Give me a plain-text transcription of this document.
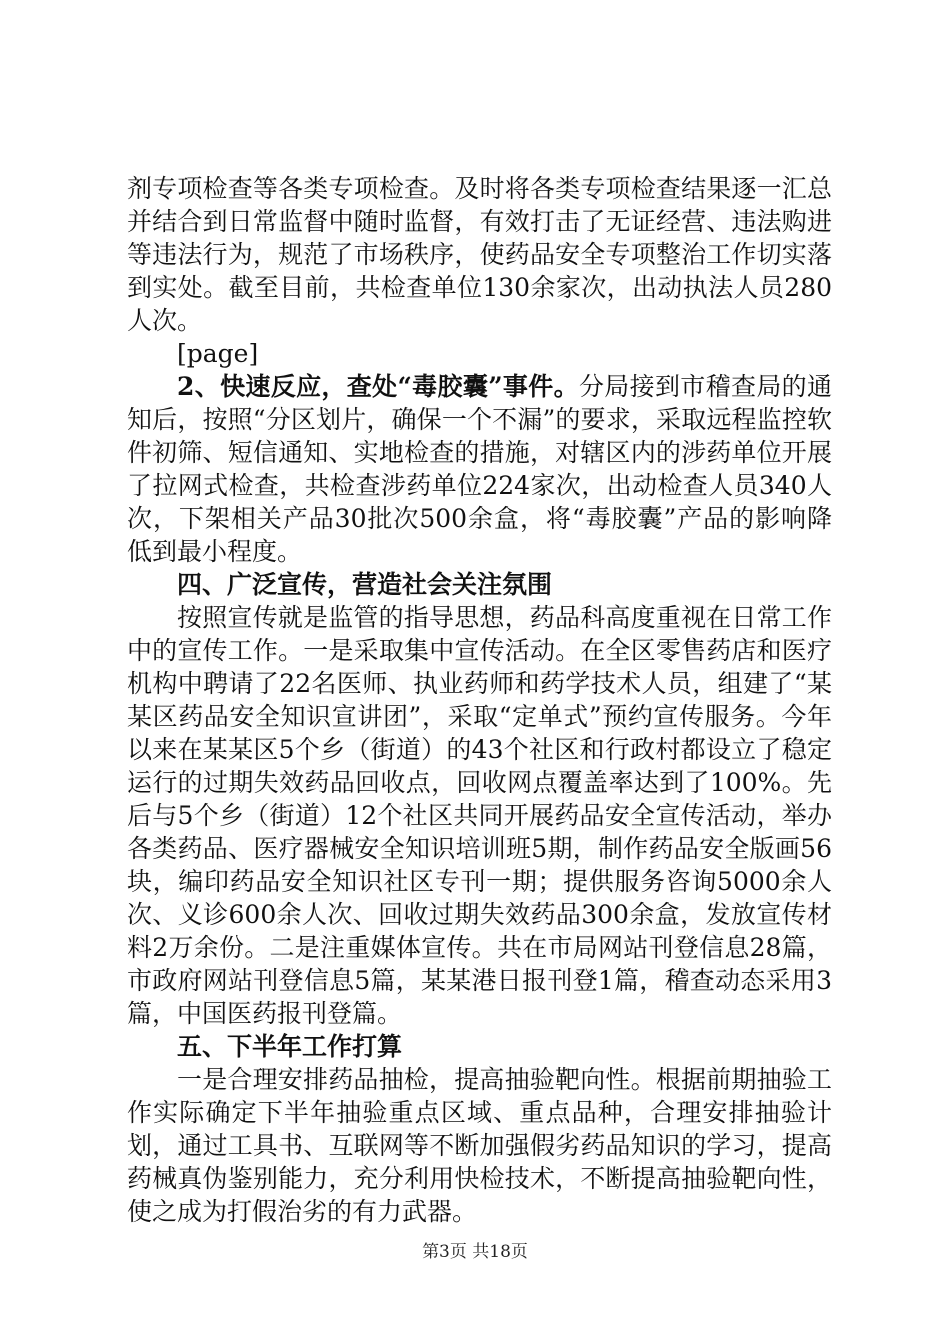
剂专项检查等各类专项检查。及时将各类专项检查结果逐一汇总并结合到日常监督中随时监督，有效打击了无证经营、违法购进等违法行为，规范了市场秩序，使药品安全专项整治工作切实落到实处。截至目前，共检查单位130余家次，出动执法人员280人次。

[page]

2、快速反应，查处“毒胶囊”事件。分局接到市稽查局的通知后，按照“分区划片，确保一个不漏”的要求，采取远程监控软件初筛、短信通知、实地检查的措施，对辖区内的涉药单位开展了拉网式检查，共检查涉药单位224家次，出动检查人员340人次，下架相关产品30批次500余盒，将“毒胶囊”产品的影响降低到最小程度。

四、广泛宣传，营造社会关注氛围

按照宣传就是监管的指导思想，药品科高度重视在日常工作中的宣传工作。一是采取集中宣传活动。在全区零售药店和医疗机构中聘请了22名医师、执业药师和药学技术人员，组建了“某某区药品安全知识宣讲团”，采取“定单式”预约宣传服务。今年以来在某某区5个乡（街道）的43个社区和行政村都设立了稳定运行的过期失效药品回收点，回收网点覆盖率达到了100%。先后与5个乡（街道）12个社区共同开展药品安全宣传活动，举办各类药品、医疗器械安全知识培训班5期，制作药品安全版画56块，编印药品安全知识社区专刊一期；提供服务咨询5000余人次、义诊600余人次、回收过期失效药品300余盒，发放宣传材料2万余份。二是注重媒体宣传。共在市局网站刊登信息28篇，市政府网站刊登信息5篇，某某港日报刊登1篇，稽查动态采用3篇，中国医药报刊登篇。

五、下半年工作打算

一是合理安排药品抽检，提高抽验靶向性。根据前期抽验工作实际确定下半年抽验重点区域、重点品种，合理安排抽验计划，通过工具书、互联网等不断加强假劣药品知识的学习，提高药械真伪鉴别能力，充分利用快检技术，不断提高抽验靶向性，使之成为打假治劣的有力武器。

第3页 共18页
